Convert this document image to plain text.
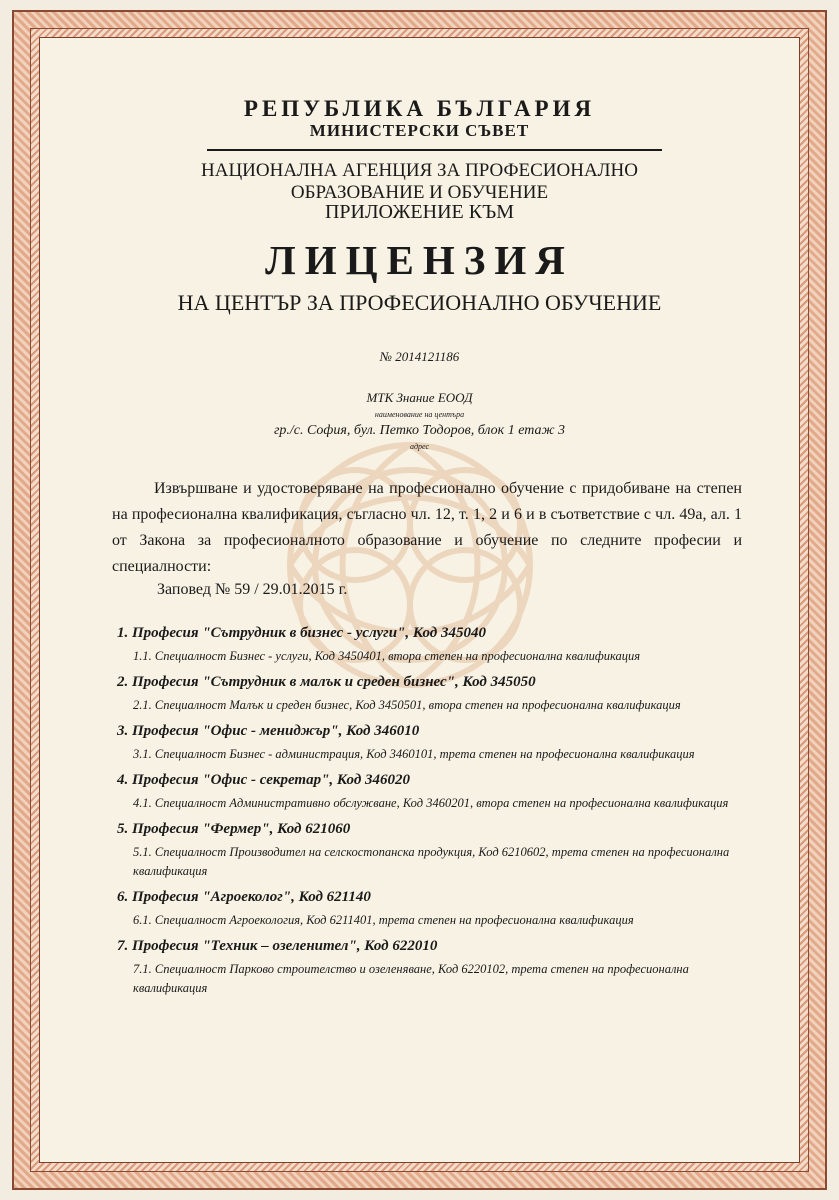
РЕПУБЛИКА БЪЛГАРИЯ
МИНИСТЕРСКИ СЪВЕТ
НАЦИОНАЛНА АГЕНЦИЯ ЗА ПРОФЕСИОНАЛНО
ОБРАЗОВАНИЕ И ОБУЧЕНИЕ
ПРИЛОЖЕНИЕ КЪМ
ЛИЦЕНЗИЯ
НА ЦЕНТЪР ЗА ПРОФЕСИОНАЛНО ОБУЧЕНИЕ
№ 2014121186
МТК Знание ЕООД
наименование на центъра
гр./с. София, бул. Петко Тодоров, блок 1 етаж 3
адрес
Извършване и удостоверяване на професионално обучение с придобиване на степен на професионална квалификация, съгласно чл. 12, т. 1, 2 и 6 и в съответствие с чл. 49а, ал. 1 от Закона за професионалното образование и обучение по следните професии и специалности:
Заповед № 59 / 29.01.2015 г.

1. Професия "Сътрудник в бизнес - услуги", Код 345040

1.1. Специалност Бизнес - услуги, Код 3450401, втора степен на професионална квалификация

2. Професия "Сътрудник в малък и среден бизнес", Код 345050

2.1. Специалност Малък и среден бизнес, Код 3450501, втора степен на професионална квалификация

3. Професия "Офис - мениджър", Код 346010

3.1. Специалност Бизнес - администрация, Код 3460101, трета степен на професионална квалификация

4. Професия "Офис - секретар", Код 346020

4.1. Специалност Административно обслужване, Код 3460201, втора степен на професионална квалификация

5. Професия "Фермер", Код 621060

5.1. Специалност Производител на селскостопанска продукция, Код 6210602, трета степен на професионална квалификация

6. Професия "Агроеколог", Код 621140

6.1. Специалност Агроекология, Код 6211401, трета степен на професионална квалификация

7. Професия "Техник – озеленител", Код 622010

7.1. Специалност Парково строителство и озеленяване, Код 6220102, трета степен на професионална квалификация
